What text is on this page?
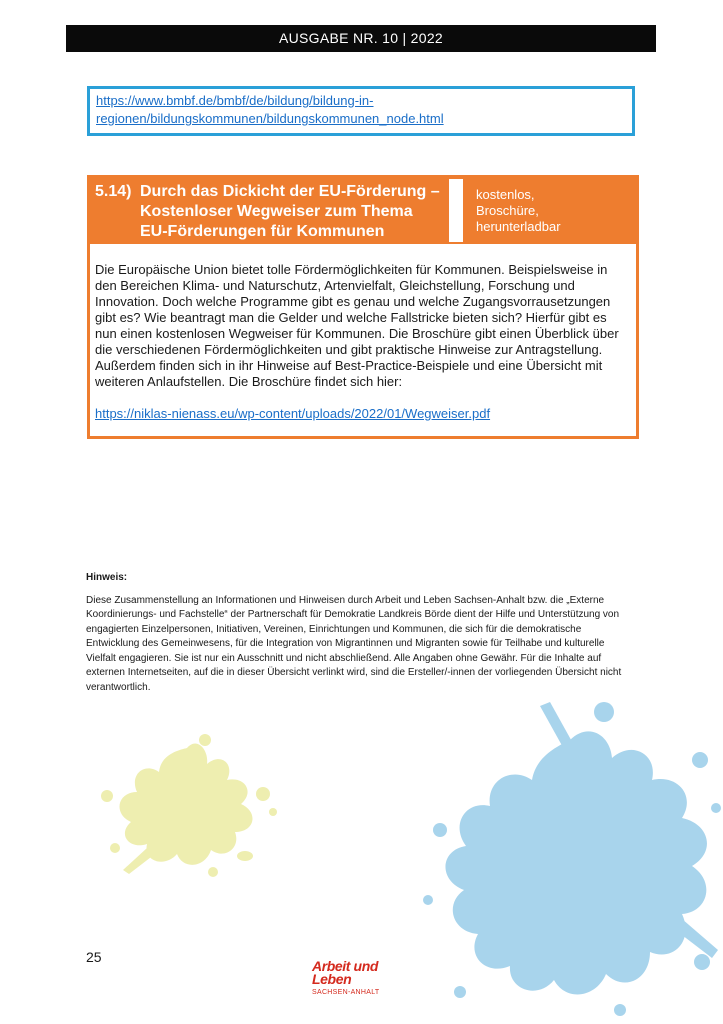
AUSGABE NR. 10 | 2022
https://www.bmbf.de/bmbf/de/bildung/bildung-in-
regionen/bildungskommunen/bildungskommunen_node.html
5.14) Durch das Dickicht der EU-Förderung –
Kostenloser Wegweiser zum Thema
EU-Förderungen für Kommunen
kostenlos,
Broschüre,
herunterladbar
Die Europäische Union bietet tolle Fördermöglichkeiten für Kommunen. Beispielsweise in den Bereichen Klima- und Naturschutz, Artenvielfalt, Gleichstellung, Forschung und Innovation. Doch welche Programme gibt es genau und welche Zugangsvorrausetzungen gibt es? Wie beantragt man die Gelder und welche Fallstricke bieten sich? Hierfür gibt es nun einen kostenlosen Wegweiser für Kommunen. Die Broschüre gibt einen Überblick über die verschiedenen Fördermöglichkeiten und gibt praktische Hinweise zur Antragstellung. Außerdem finden sich in ihr Hinweise auf Best-Practice-Beispiele und eine Übersicht mit weiteren Anlaufstellen. Die Broschüre findet sich hier:
https://niklas-nienass.eu/wp-content/uploads/2022/01/Wegweiser.pdf
Hinweis:
Diese Zusammenstellung an Informationen und Hinweisen durch Arbeit und Leben Sachsen-Anhalt bzw. die „Externe Koordinierungs- und Fachstelle“ der Partnerschaft für Demokratie Landkreis Börde dient der Hilfe und Unterstützung von engagierten Einzelpersonen, Initiativen, Vereinen, Einrichtungen und Kommunen, die sich für die demokratische Entwicklung des Gemeinwesens, für die Integration von Migrantinnen und Migranten sowie für Teilhabe und kulturelle Vielfalt engagieren. Sie ist nur ein Ausschnitt und nicht abschließend. Alle Angaben ohne Gewähr. Für die Inhalte auf externen Internetseiten, auf die in dieser Übersicht verlinkt wird, sind die Ersteller/-innen der vorliegenden Übersicht nicht verantwortlich.
25
Arbeit und
Leben
SACHSEN-ANHALT
